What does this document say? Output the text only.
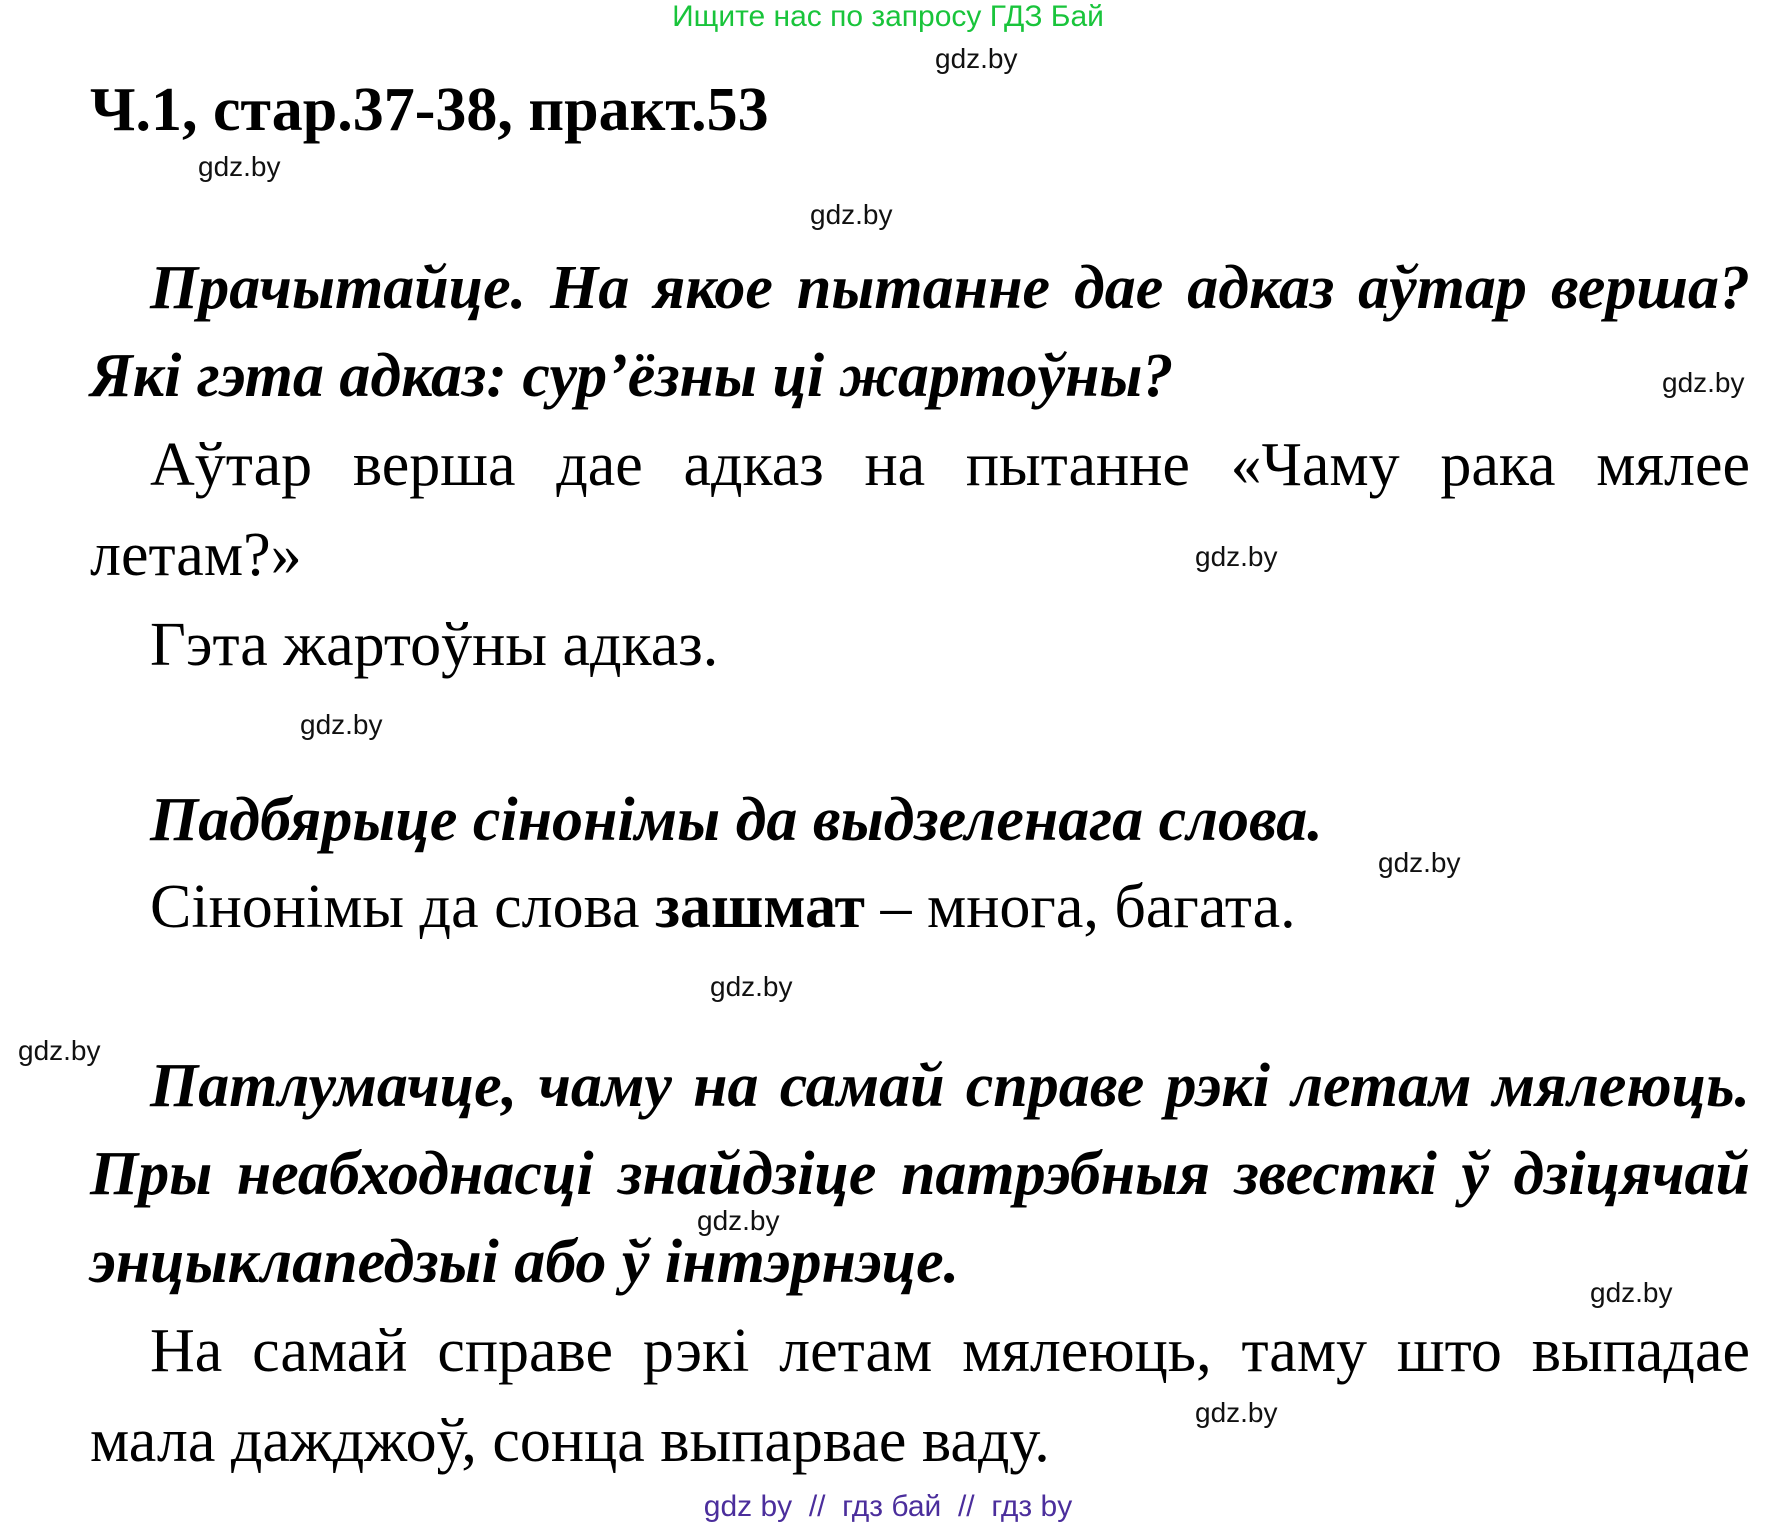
Ищите нас по запросу ГДЗ Бай
Ч.1, стар.37-38, практ.53
gdz.by
gdz.by
gdz.by
gdz.by
gdz.by
gdz.by
gdz.by
gdz.by
gdz.by
gdz.by
gdz.by
gdz.by
Прачытайце. На якое пытанне дае адказ аўтар верша? Які гэта адказ: сур’ёзны ці жартоўны?
Аўтар верша дае адказ на пытанне «Чаму рака мялее летам?»
Гэта жартоўны адказ.
Падбярыце сінонімы да выдзеленага слова.
Сінонімы да слова зашмат – многа, багата.
Патлумачце, чаму на самай справе рэкі летам мялеюць. Пры неабходнасці знайдзіце патрэбныя звесткі ў дзіцячай энцыклапедзыі або ў інтэрнэце.
На самай справе рэкі летам мялеюць, таму што выпадае мала дажджоў, сонца выпарвае ваду.
gdz by  //  гдз бай  //  гдз by
